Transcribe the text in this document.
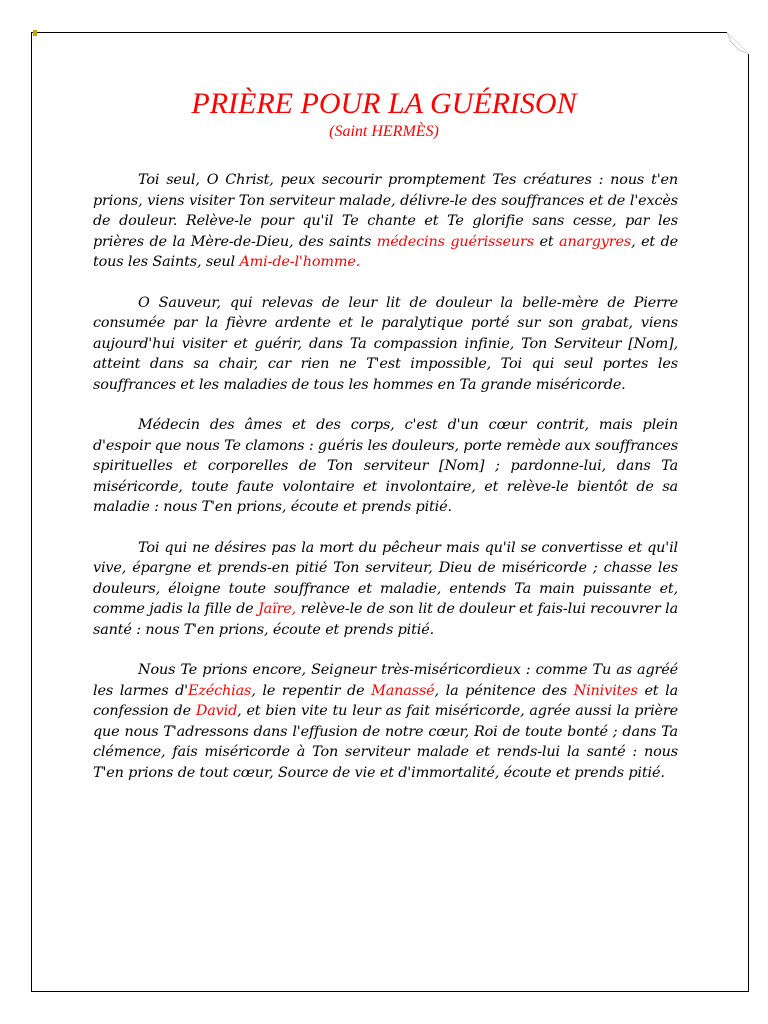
PRIÈRE POUR LA GUÉRISON
(Saint HERMÈS)

Toi seul, O Christ, peux secourir promptement Tes créatures : nous t'en prions, viens visiter Ton serviteur malade, délivre-le des souffrances et de l'excès de douleur. Relève-le pour qu'il Te chante et Te glorifie sans cesse, par les prières de la Mère-de-Dieu, des saints médecins guérisseurs et anargyres, et de tous les Saints, seul Ami-de-l'homme.

O Sauveur, qui relevas de leur lit de douleur la belle-mère de Pierre consumée par la fièvre ardente et le paralytique porté sur son grabat, viens aujourd'hui visiter et guérir, dans Ta compassion infinie, Ton Serviteur [Nom], atteint dans sa chair, car rien ne T'est impossible, Toi qui seul portes les souffrances et les maladies de tous les hommes en Ta grande miséricorde.

Médecin des âmes et des corps, c'est d'un cœur contrit, mais plein d'espoir que nous Te clamons : guéris les douleurs, porte remède aux souffrances spirituelles et corporelles de Ton serviteur [Nom] ; pardonne-lui, dans Ta miséricorde, toute faute volontaire et involontaire, et relève-le bientôt de sa maladie : nous T'en prions, écoute et prends pitié.

Toi qui ne désires pas la mort du pêcheur mais qu'il se convertisse et qu'il vive, épargne et prends-en pitié Ton serviteur, Dieu de miséricorde ; chasse les douleurs, éloigne toute souffrance et maladie, entends Ta main puissante et, comme jadis la fille de Jaïre, relève-le de son lit de douleur et fais-lui recouvrer la santé : nous T'en prions, écoute et prends pitié.

Nous Te prions encore, Seigneur très-miséricordieux : comme Tu as agréé les larmes d'Ezéchias, le repentir de Manassé, la pénitence des Ninivites et la confession de David, et bien vite tu leur as fait miséricorde, agrée aussi la prière que nous T'adressons dans l'effusion de notre cœur, Roi de toute bonté ; dans Ta clémence, fais miséricorde à Ton serviteur malade et rends-lui la santé : nous T'en prions de tout cœur, Source de vie et d'immortalité, écoute et prends pitié.
